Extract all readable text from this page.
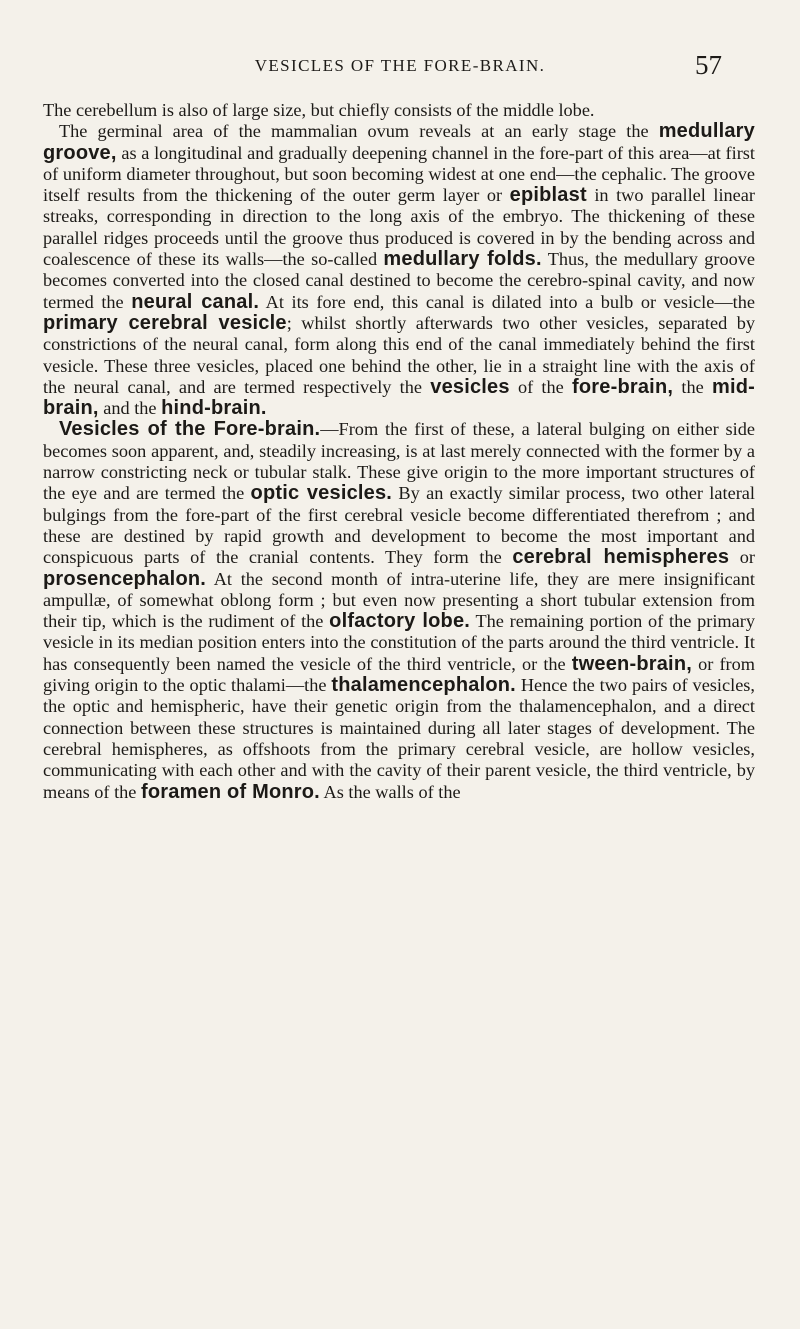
VESICLES OF THE FORE-BRAIN.	57

The cerebellum is also of large size, but chiefly consists of the middle lobe.

The germinal area of the mammalian ovum reveals at an early stage the medullary groove, as a longitudinal and gradually deepening channel in the fore-part of this area—at first of uniform diameter throughout, but soon becoming widest at one end—the cephalic. The groove itself results from the thickening of the outer germ layer or epiblast in two parallel linear streaks, corresponding in direction to the long axis of the embryo. The thickening of these parallel ridges proceeds until the groove thus produced is covered in by the bending across and coalescence of these its walls—the so-called medullary folds. Thus, the medullary groove becomes converted into the closed canal destined to become the cerebro-spinal cavity, and now termed the neural canal. At its fore end, this canal is dilated into a bulb or vesicle—the primary cerebral vesicle; whilst shortly afterwards two other vesicles, separated by constrictions of the neural canal, form along this end of the canal immediately behind the first vesicle. These three vesicles, placed one behind the other, lie in a straight line with the axis of the neural canal, and are termed respectively the vesicles of the fore-brain, the mid-brain, and the hind-brain.

Vesicles of the Fore-brain.—From the first of these, a lateral bulging on either side becomes soon apparent, and, steadily increasing, is at last merely connected with the former by a narrow constricting neck or tubular stalk. These give origin to the more important structures of the eye and are termed the optic vesicles. By an exactly similar process, two other lateral bulgings from the fore-part of the first cerebral vesicle become differentiated therefrom ; and these are destined by rapid growth and development to become the most important and conspicuous parts of the cranial contents. They form the cerebral hemispheres or prosencephalon. At the second month of intra-uterine life, they are mere insignificant ampullæ, of somewhat oblong form ; but even now presenting a short tubular extension from their tip, which is the rudiment of the olfactory lobe. The remaining portion of the primary vesicle in its median position enters into the constitution of the parts around the third ventricle. It has consequently been named the vesicle of the third ventricle, or the tween-brain, or from giving origin to the optic thalami—the thalamencephalon. Hence the two pairs of vesicles, the optic and hemispheric, have their genetic origin from the thalamencephalon, and a direct connection between these structures is maintained during all later stages of development. The cerebral hemispheres, as offshoots from the primary cerebral vesicle, are hollow vesicles, communicating with each other and with the cavity of their parent vesicle, the third ventricle, by means of the foramen of Monro. As the walls of the
